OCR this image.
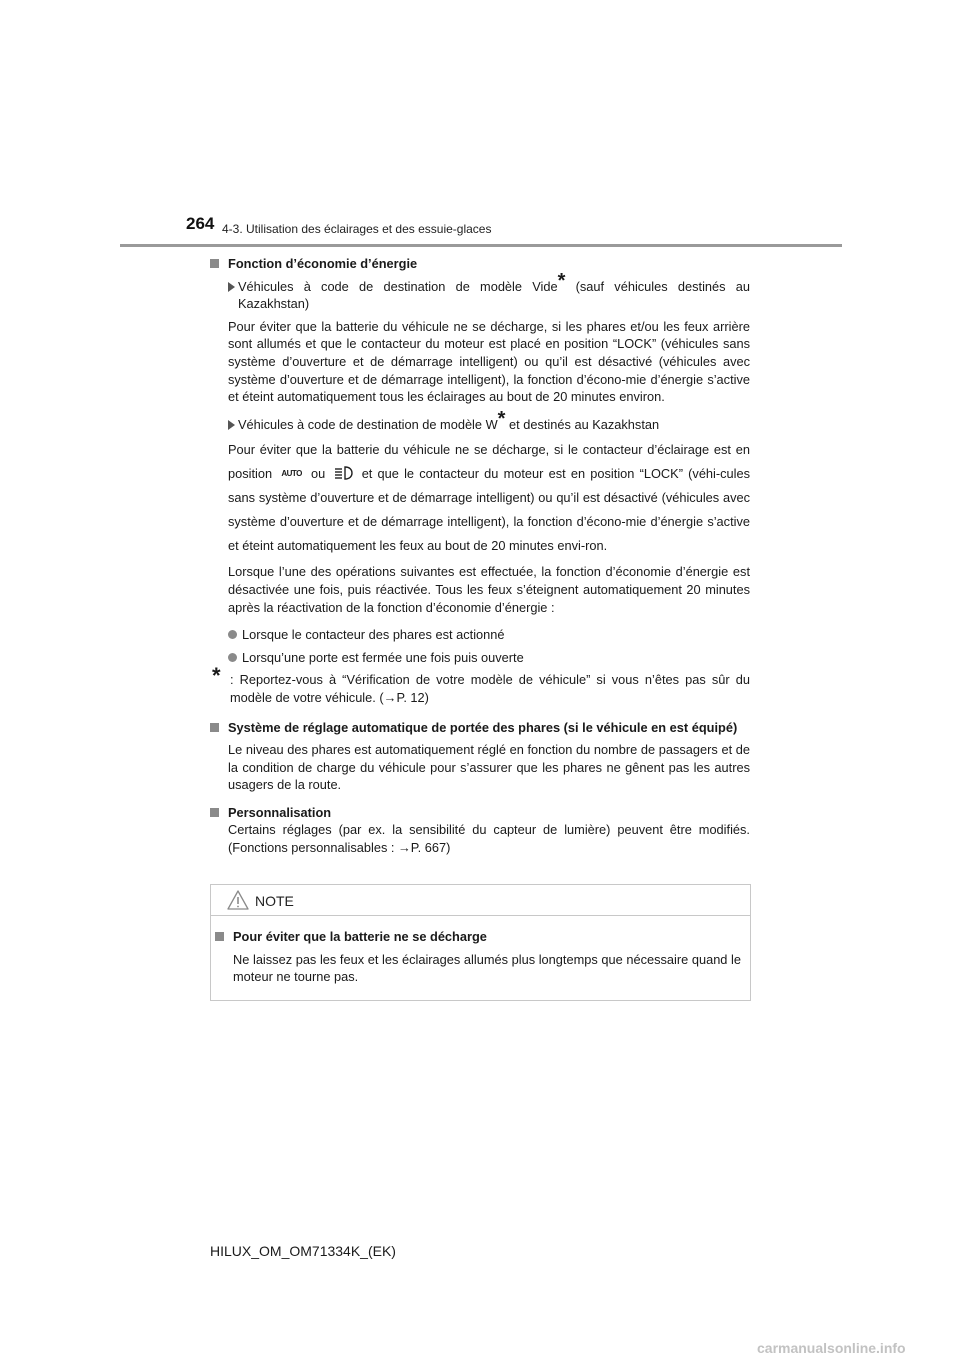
264 4-3. Utilisation des éclairages et des essuie-glaces

Fonction d’économie d’énergie

Véhicules à code de destination de modèle Vide* (sauf véhicules destinés au Kazakhstan)

Pour éviter que la batterie du véhicule ne se décharge, si les phares et/ou les feux arrière sont allumés et que le contacteur du moteur est placé en position “LOCK” (véhicules sans système d’ouverture et de démarrage intelligent) ou qu’il est désactivé (véhicules avec système d’ouverture et de démarrage intelligent), la fonction d’écono-mie d’énergie s’active et éteint automatiquement tous les éclairages au bout de 20 minutes environ.

Véhicules à code de destination de modèle W* et destinés au Kazakhstan

Pour éviter que la batterie du véhicule ne se décharge, si le contacteur d’éclairage est en position AUTO ou	et que le contacteur du moteur est en position “LOCK” (véhi-cules sans système d’ouverture et de démarrage intelligent) ou qu’il est désactivé (véhicules avec système d’ouverture et de démarrage intelligent), la fonction d’écono-mie d’énergie s’active et éteint automatiquement les feux au bout de 20 minutes envi-ron.

Lorsque l’une des opérations suivantes est effectuée, la fonction d’économie d’énergie est désactivée une fois, puis réactivée. Tous les feux s’éteignent automatiquement 20 minutes après la réactivation de la fonction d’économie d’énergie :

Lorsque le contacteur des phares est actionné

Lorsqu’une porte est fermée une fois puis ouverte

* : Reportez-vous à “Vérification de votre modèle de véhicule” si vous n’êtes pas sûr du modèle de votre véhicule. (→P. 12)

Système de réglage automatique de portée des phares (si le véhicule en est équipé)

Le niveau des phares est automatiquement réglé en fonction du nombre de passagers et de la condition de charge du véhicule pour s’assurer que les phares ne gênent pas les autres usagers de la route.

Personnalisation

Certains réglages (par ex. la sensibilité du capteur de lumière) peuvent être modifiés. (Fonctions personnalisables : →P. 667)

NOTE

Pour éviter que la batterie ne se décharge

Ne laissez pas les feux et les éclairages allumés plus longtemps que nécessaire quand le moteur ne tourne pas.

HILUX_OM_OM71334K_(EK)
carmanualsonline.info
